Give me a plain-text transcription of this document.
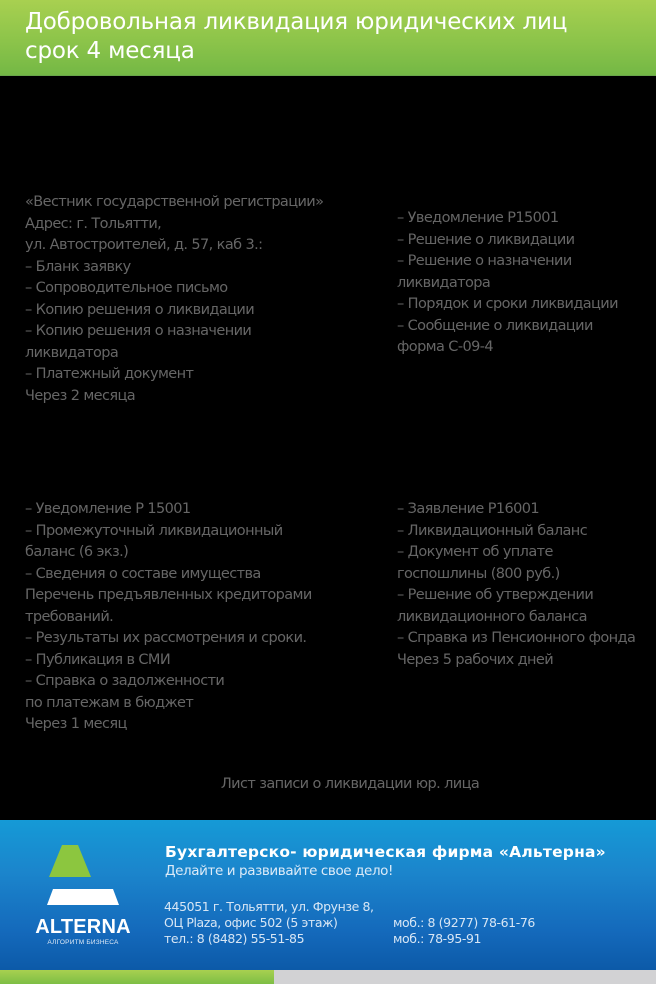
Добровольная ликвидация юридических лиц
срок 4 месяца
«Вестник государственной регистрации»
Адрес: г. Тольятти,
ул. Автостроителей, д. 57, каб 3.:
– Бланк заявку
– Сопроводительное письмо
– Копию решения о ликвидации
– Копию решения о назначении
ликвидатора
– Платежный документ
Через 2 месяца
– Уведомление Р15001
– Решение о ликвидации
– Решение о назначении
ликвидатора
– Порядок и сроки ликвидации
– Сообщение о ликвидации
форма С-09-4
– Уведомление Р 15001
– Промежуточный ликвидационный
баланс (6 экз.)
– Сведения о составе имущества
Перечень предъявленных кредиторами
требований.
– Результаты их рассмотрения и сроки.
– Публикация в СМИ
– Справка о задолженности
по платежам в бюджет
Через 1 месяц
– Заявление Р16001
– Ликвидационный баланс
– Документ об уплате
госпошлины (800 руб.)
– Решение об утверждении
ликвидационного баланса
– Справка из Пенсионного фонда
Через 5 рабочих дней
Лист записи о ликвидации юр. лица
ALTERNA
АЛГОРИТМ БИЗНЕСА
Бухгалтерско- юридическая фирма «Альтерна»
Делайте и развивайте свое дело!
445051 г. Тольятти, ул. Фрунзе 8,
ОЦ Plaza, офис 502 (5 этаж)
тел.: 8 (8482) 55-51-85
моб.: 8 (9277) 78-61-76
моб.: 78-95-91
